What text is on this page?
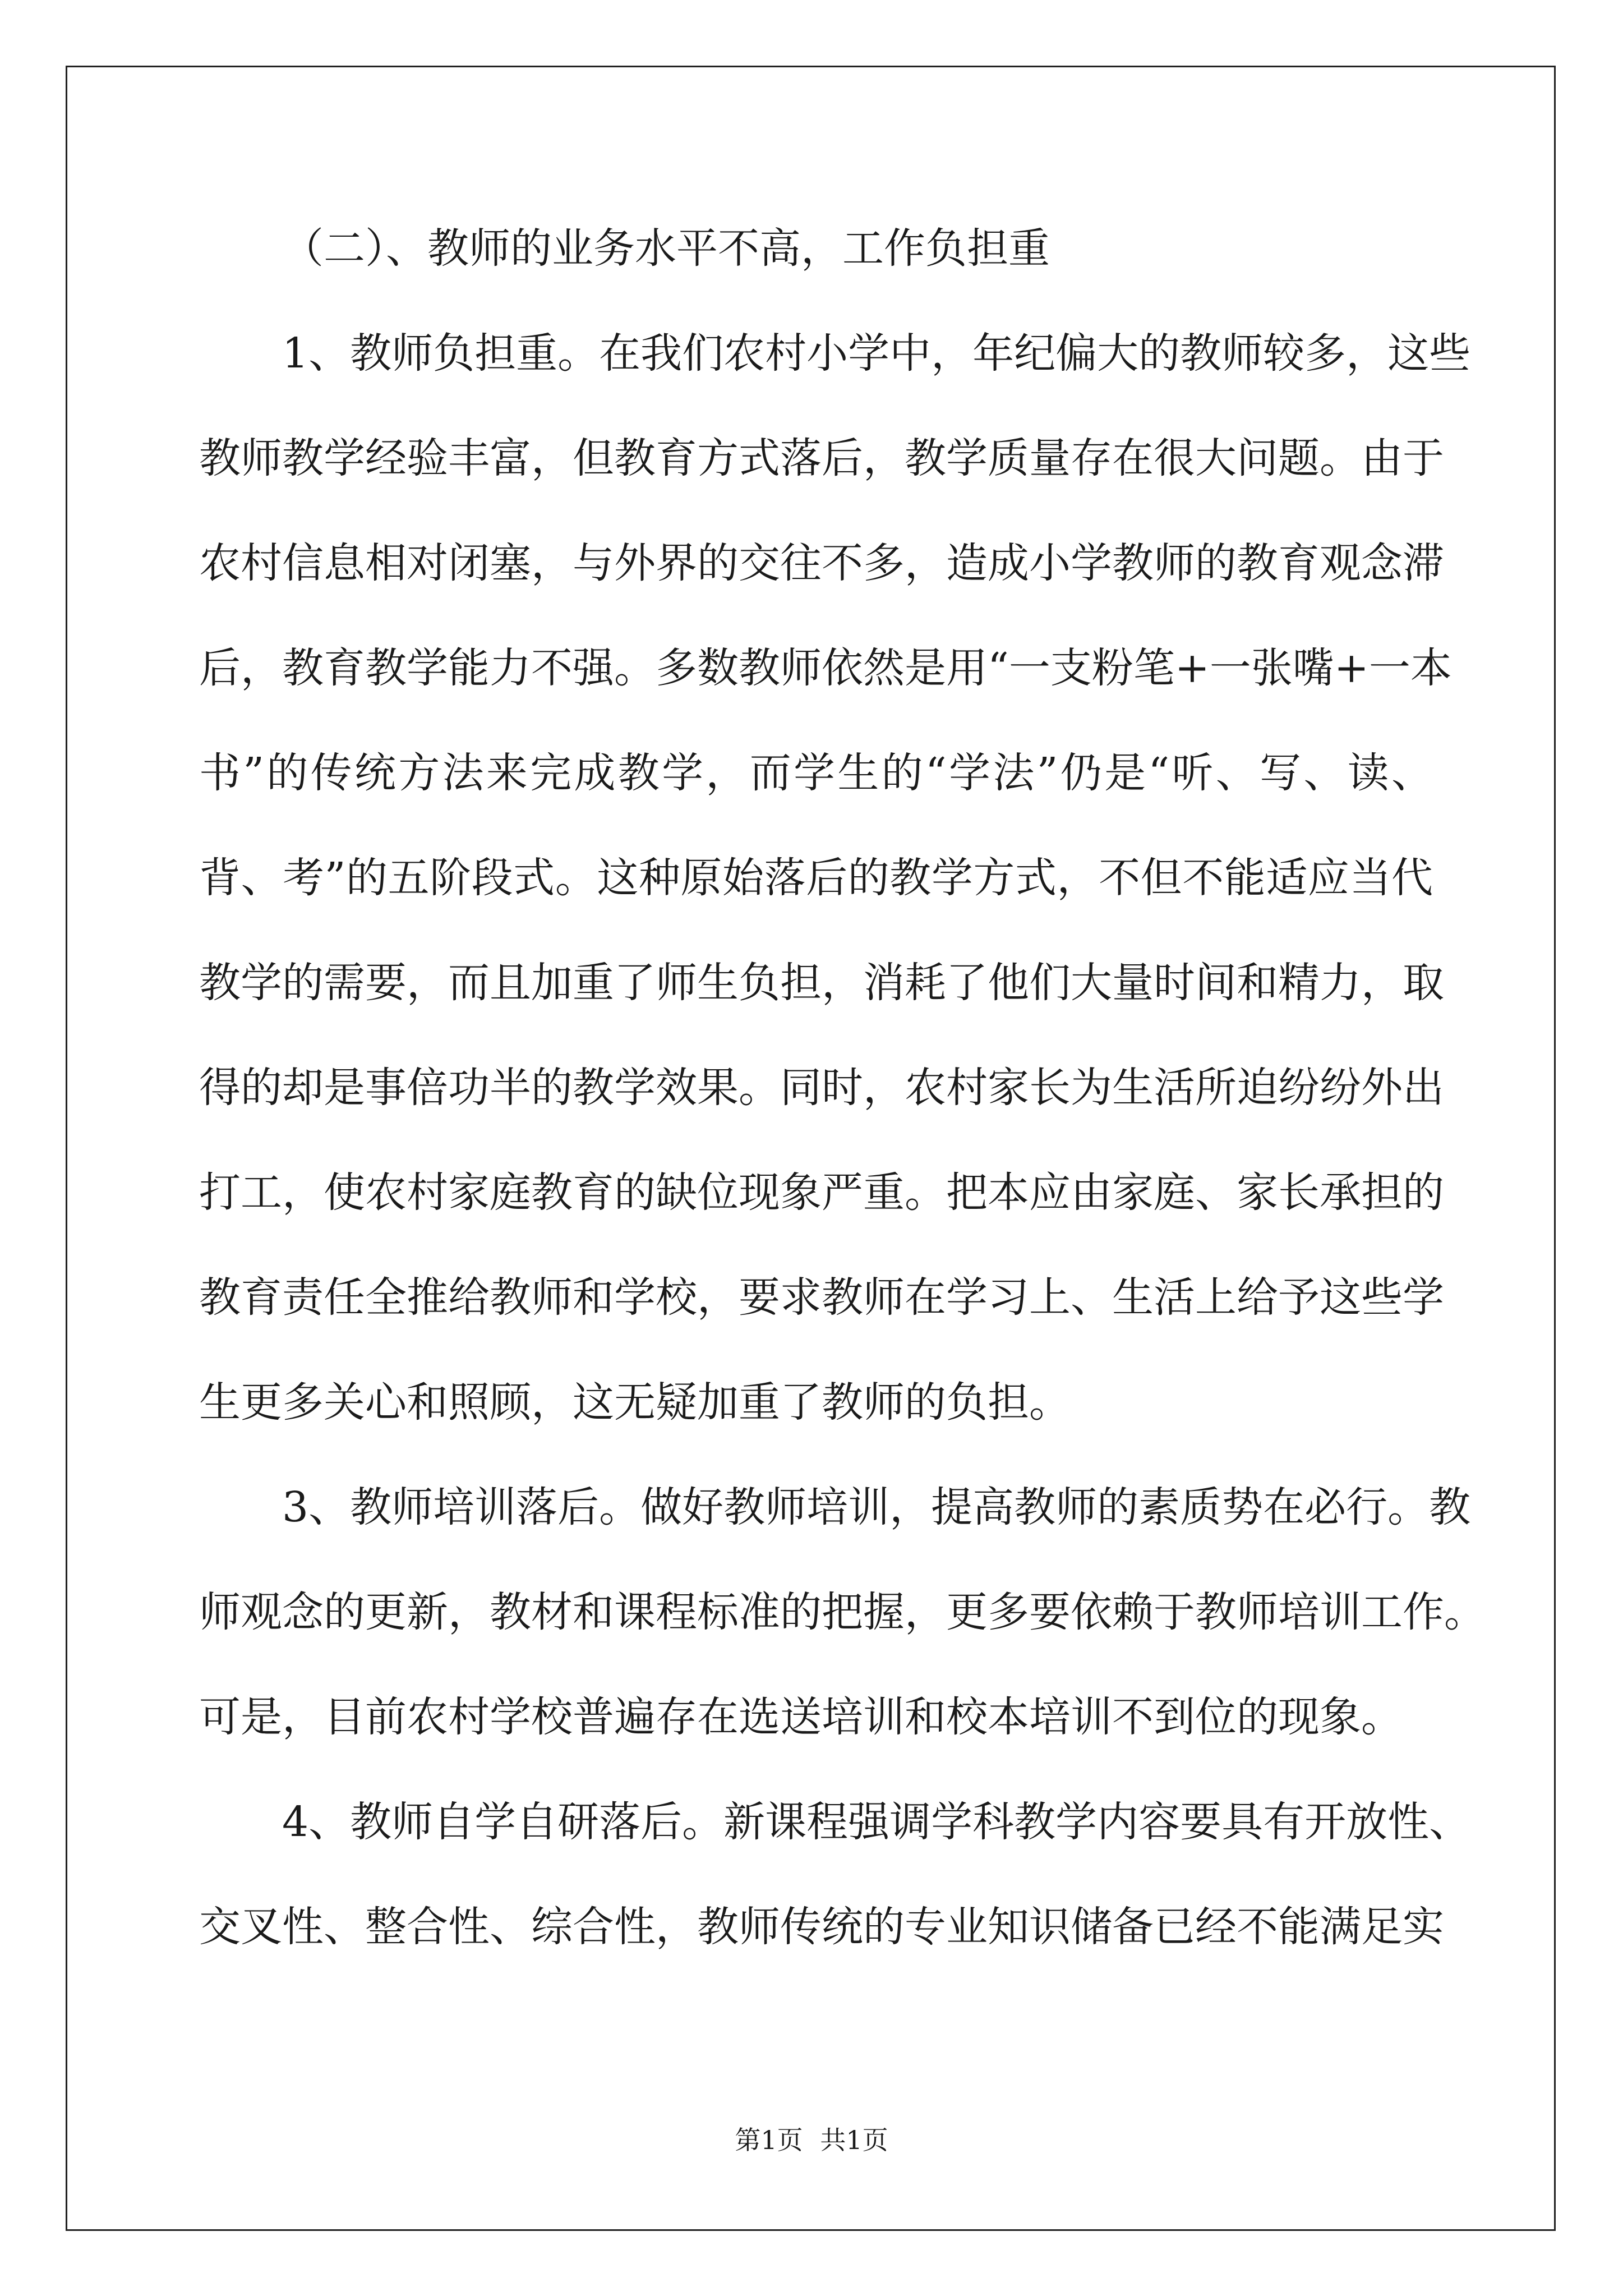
（二）、教师的业务水平不高，工作负担重
1、教师负担重。在我们农村小学中，年纪偏大的教师较多，这些
教师教学经验丰富，但教育方式落后，教学质量存在很大问题。由于
农村信息相对闭塞，与外界的交往不多，造成小学教师的教育观念滞
后，教育教学能力不强。多数教师依然是用“一支粉笔+一张嘴+一本
书”的传统方法来完成教学，而学生的“学法”仍是“听、写、读、
背、考”的五阶段式。这种原始落后的教学方式，不但不能适应当代
教学的需要，而且加重了师生负担，消耗了他们大量时间和精力，取
得的却是事倍功半的教学效果。同时，农村家长为生活所迫纷纷外出
打工，使农村家庭教育的缺位现象严重。把本应由家庭、家长承担的
教育责任全推给教师和学校，要求教师在学习上、生活上给予这些学
生更多关心和照顾，这无疑加重了教师的负担。
3、教师培训落后。做好教师培训，提高教师的素质势在必行。教
师观念的更新，教材和课程标准的把握，更多要依赖于教师培训工作。
可是，目前农村学校普遍存在选送培训和校本培训不到位的现象。
4、教师自学自研落后。新课程强调学科教学内容要具有开放性、
交叉性、整合性、综合性，教师传统的专业知识储备已经不能满足实
第1页 共1页
